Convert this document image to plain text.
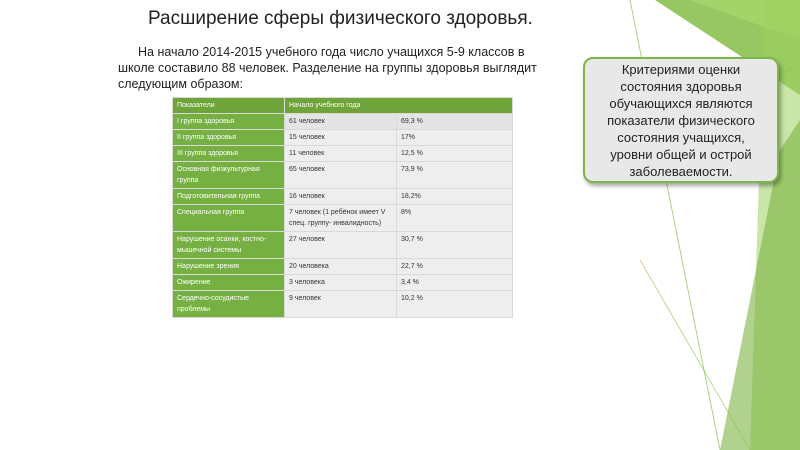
Расширение сферы физического здоровья.
На начало 2014-2015 учебного года число учащихся 5-9 классов в школе составило 88 человек. Разделение на группы здоровья выглядит следующим образом:
Показатели	Начало учебного года	
I группа здоровья	61 человек	69,3 %
II группа здоровья	15 человек	17%
III группа здоровья	11 человек	12,5 %
Основная физкультурная группа	65 человек	73,9 %
Подготовительная группа	16 человек	18,2%
Специальная группа	7 человек (1 ребёнок имеет V спец. группу- инвалидность)	8%
Нарушение осанки, костно-мышечной системы	27 человек	30,7 %
Нарушение зрения	20 человека	22,7 %
Ожирение	3 человека	3,4 %
Сердечно-сосудистые проблемы	9 человек	10,2 %
Критериями оценки состояния здоровья обучающихся являются показатели физического состояния учащихся, уровни общей и острой заболеваемости.
